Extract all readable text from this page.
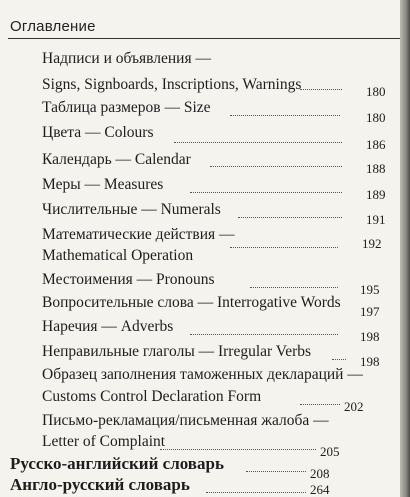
Оглавление
Надписи и объявления —
Signs, Signboards, Inscriptions, Warnings	180
Таблица размеров — Size
180
Цвета — Colours
186
Календарь — Calendar
188
Меры — Measures
189
Числительные — Numerals
191
Математические действия —
Mathematical Operation
192
Местоимения — Pronouns
195
Вопросительные слова — Interrogative Words
197
Наречия — Adverbs
198
Неправильные глаголы — Irregular Verbs
198
Образец заполнения таможенных деклараций —
Customs Control Declaration Form
202
Письмо-рекламация/письменная жалоба —
Letter of Complaint
205
Русско-английский словарь
208
Англо-русский словарь	264
